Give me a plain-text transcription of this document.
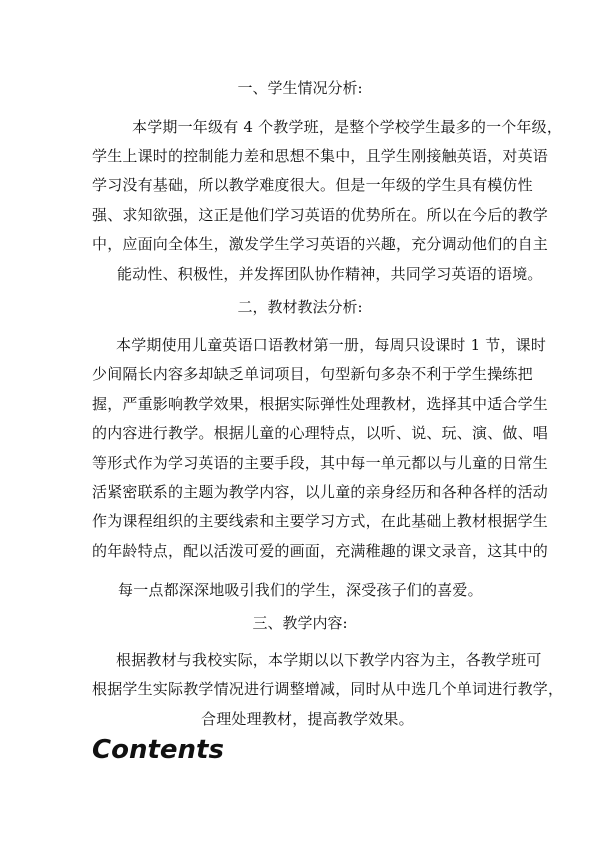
一、学生情况分析:

本学期一年级有 4 个教学班，是整个学校学生最多的一个年级，

学生上课时的控制能力差和思想不集中，且学生刚接触英语，对英语

学习没有基础，所以教学难度很大。但是一年级的学生具有模仿性

强、求知欲强，这正是他们学习英语的优势所在。所以在今后的教学

中，应面向全体生，激发学生学习英语的兴趣，充分调动他们的自主

能动性、积极性，并发挥团队协作精神，共同学习英语的语境。

二，教材教法分析:

本学期使用儿童英语口语教材第一册，每周只设课时 1 节，课时

少间隔长内容多却缺乏单词项目，句型新句多杂不利于学生操练把

握，严重影响教学效果，根据实际弹性处理教材，选择其中适合学生

的内容进行教学。根据儿童的心理特点，以听、说、玩、演、做、唱

等形式作为学习英语的主要手段，其中每一单元都以与儿童的日常生

活紧密联系的主题为教学内容，以儿童的亲身经历和各种各样的活动

作为课程组织的主要线索和主要学习方式，在此基础上教材根据学生

的年龄特点，配以活泼可爱的画面，充满稚趣的课文录音，这其中的

每一点都深深地吸引我们的学生，深受孩子们的喜爱。

三、教学内容:

根据教材与我校实际，本学期以以下教学内容为主，各教学班可

根据学生实际教学情况进行调整增减，同时从中选几个单词进行教学，

合理处理教材，提高教学效果。

Contents
